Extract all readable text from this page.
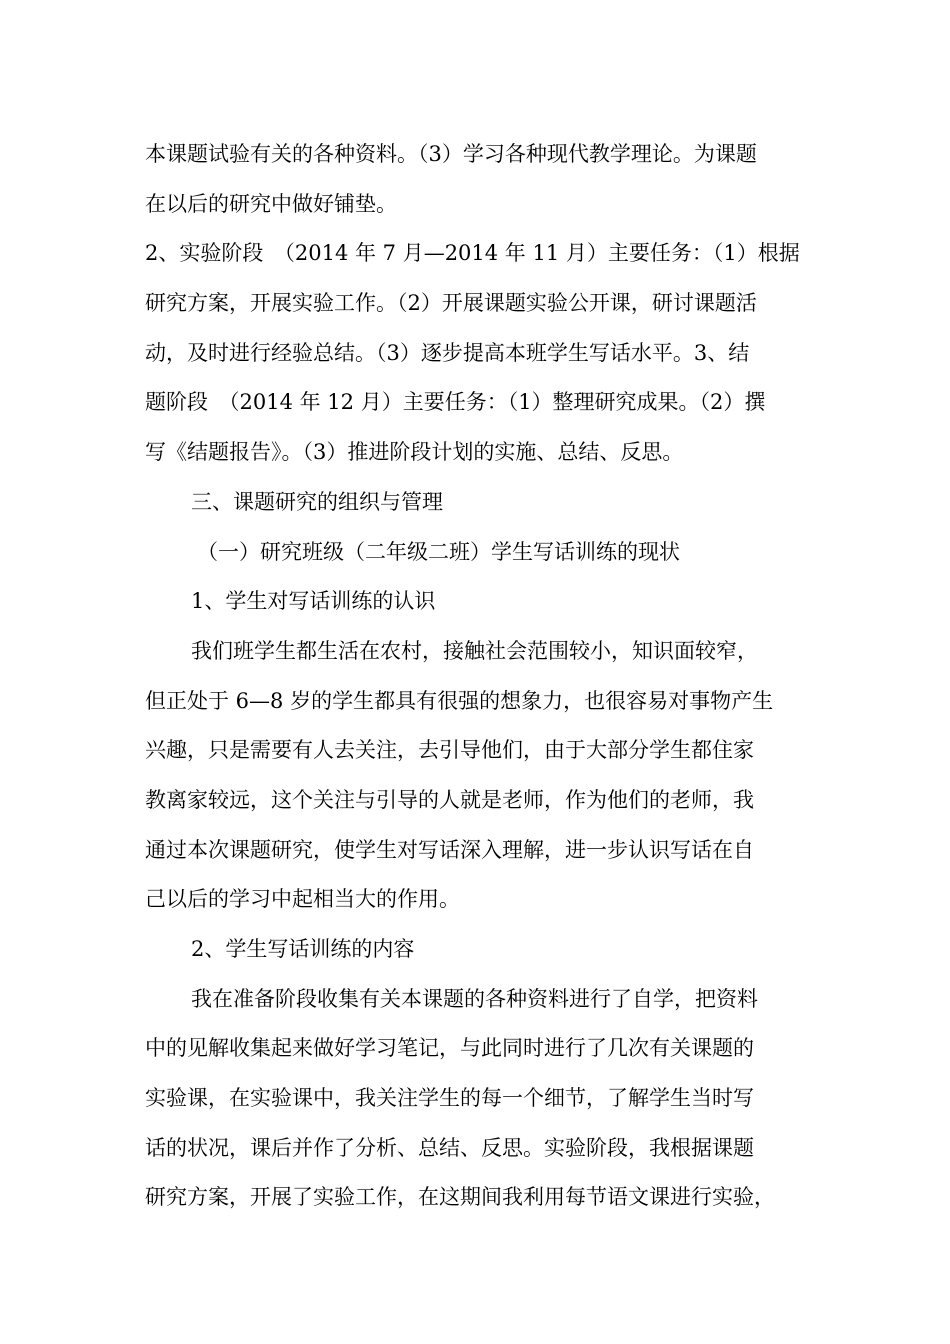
本课题试验有关的各种资料。（3）学习各种现代教学理论。为课题
在以后的研究中做好铺垫。
2、实验阶段　（2014 年 7 月—2014 年 11 月）主要任务：（1）根据
研究方案，开展实验工作。（2）开展课题实验公开课，研讨课题活
动，及时进行经验总结。（3）逐步提高本班学生写话水平。3、结
题阶段　（2014 年 12 月）主要任务：（1）整理研究成果。（2）撰
写《结题报告》。（3）推进阶段计划的实施、总结、反思。
三、课题研究的组织与管理
（一）研究班级（二年级二班）学生写话训练的现状
1、学生对写话训练的认识
我们班学生都生活在农村，接触社会范围较小，知识面较窄，
但正处于 6—8 岁的学生都具有很强的想象力，也很容易对事物产生
兴趣，只是需要有人去关注，去引导他们，由于大部分学生都住家
教离家较远，这个关注与引导的人就是老师，作为他们的老师，我
通过本次课题研究，使学生对写话深入理解，进一步认识写话在自
己以后的学习中起相当大的作用。
2、学生写话训练的内容
我在准备阶段收集有关本课题的各种资料进行了自学，把资料
中的见解收集起来做好学习笔记，与此同时进行了几次有关课题的
实验课，在实验课中，我关注学生的每一个细节，了解学生当时写
话的状况，课后并作了分析、总结、反思。实验阶段，我根据课题
研究方案，开展了实验工作，在这期间我利用每节语文课进行实验，
